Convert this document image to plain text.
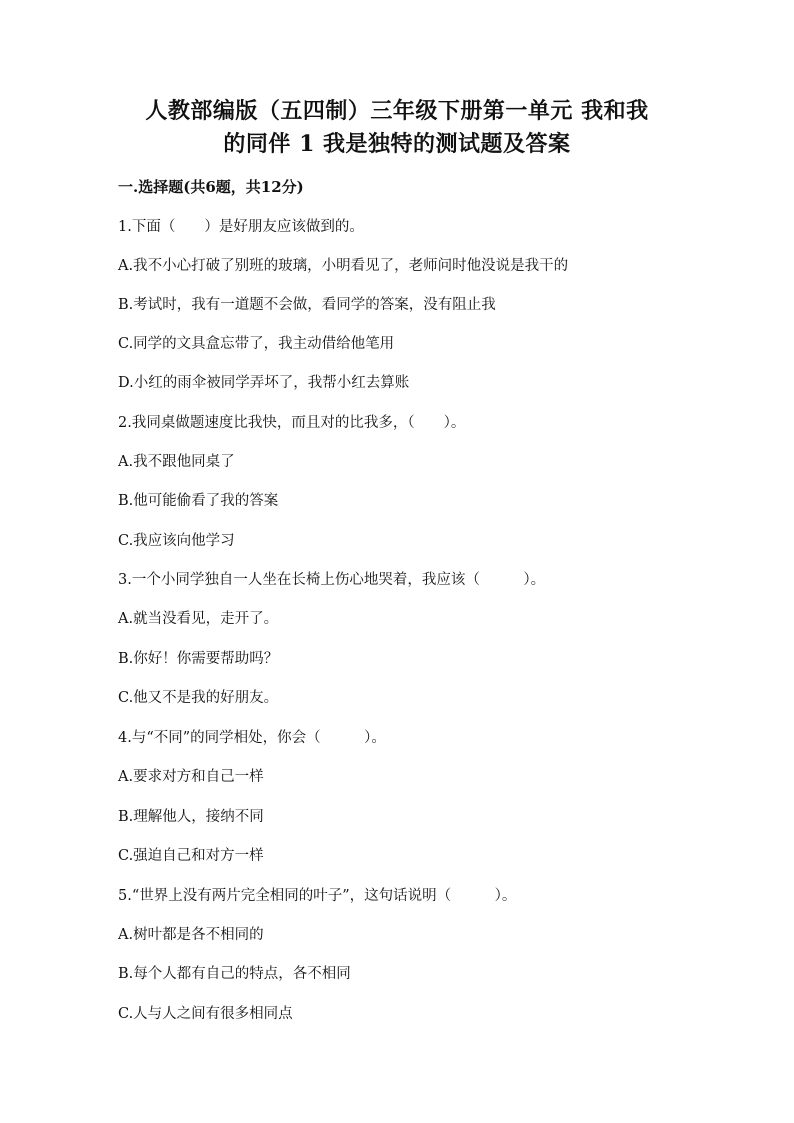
人教部编版（五四制）三年级下册第一单元 我和我
的同伴 1 我是独特的测试题及答案
一.选择题(共6题，共12分)
1.下面（　　）是好朋友应该做到的。
A.我不小心打破了别班的玻璃，小明看见了，老师问时他没说是我干的
B.考试时，我有一道题不会做，看同学的答案，没有阻止我
C.同学的文具盒忘带了，我主动借给他笔用
D.小红的雨伞被同学弄坏了，我帮小红去算账
2.我同桌做题速度比我快，而且对的比我多，（　　）。
A.我不跟他同桌了
B.他可能偷看了我的答案
C.我应该向他学习
3.一个小同学独自一人坐在长椅上伤心地哭着，我应该（　　　）。
A.就当没看见，走开了。
B.你好！你需要帮助吗？
C.他又不是我的好朋友。
4.与“不同”的同学相处，你会（　　　）。
A.要求对方和自己一样
B.理解他人，接纳不同
C.强迫自己和对方一样
5.“世界上没有两片完全相同的叶子”，这句话说明（　　　）。
A.树叶都是各不相同的
B.每个人都有自己的特点，各不相同
C.人与人之间有很多相同点
